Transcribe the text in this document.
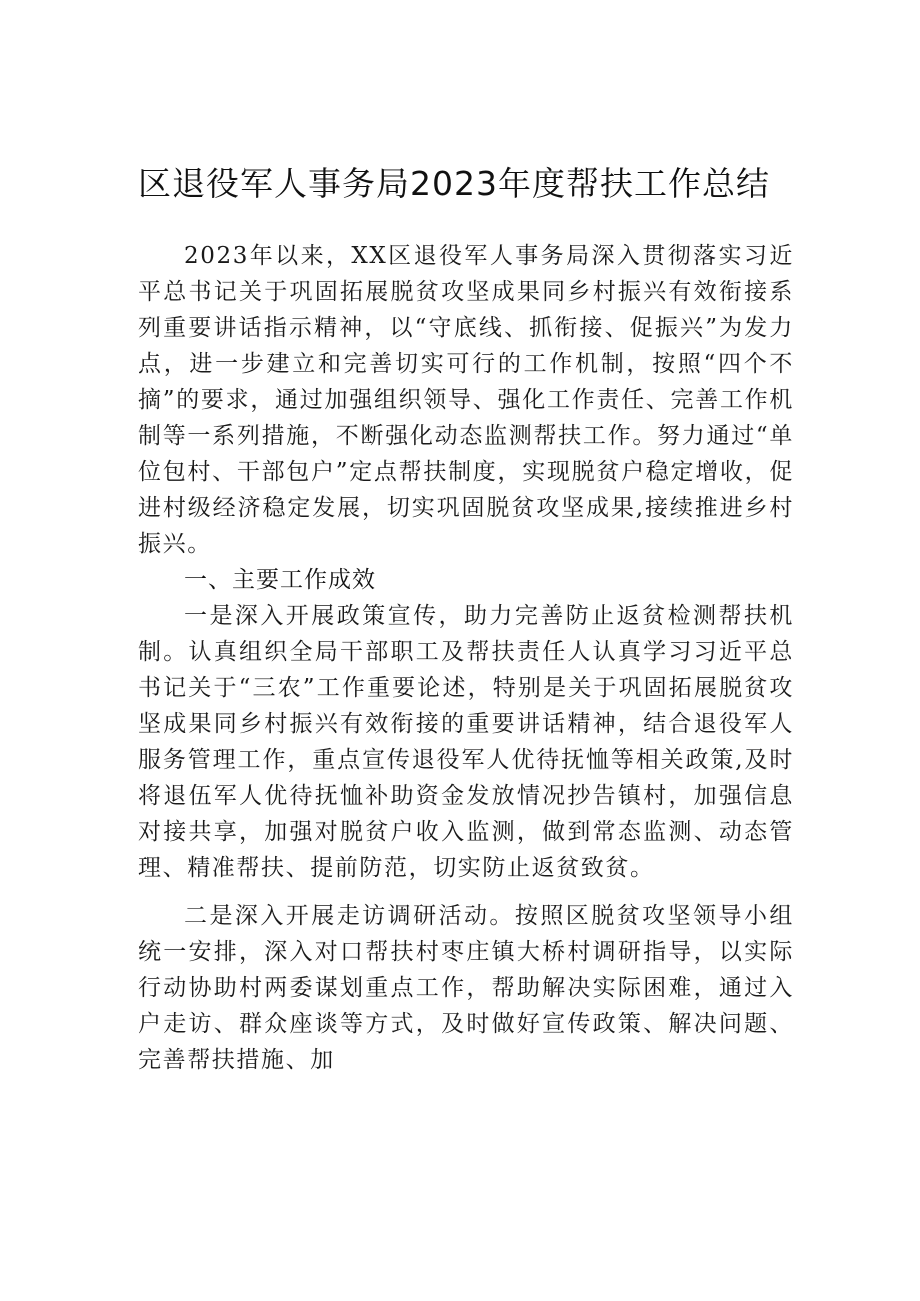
区退役军人事务局2023年度帮扶工作总结

2023年以来，XX区退役军人事务局深入贯彻落实习近平总书记关于巩固拓展脱贫攻坚成果同乡村振兴有效衔接系列重要讲话指示精神，以“守底线、抓衔接、促振兴”为发力点，进一步建立和完善切实可行的工作机制，按照“四个不摘”的要求，通过加强组织领导、强化工作责任、完善工作机制等一系列措施，不断强化动态监测帮扶工作。努力通过“单位包村、干部包户”定点帮扶制度，实现脱贫户稳定增收，促进村级经济稳定发展，切实巩固脱贫攻坚成果,接续推进乡村振兴。

一、主要工作成效

一是深入开展政策宣传，助力完善防止返贫检测帮扶机制。认真组织全局干部职工及帮扶责任人认真学习习近平总书记关于“三农”工作重要论述，特别是关于巩固拓展脱贫攻坚成果同乡村振兴有效衔接的重要讲话精神，结合退役军人服务管理工作，重点宣传退役军人优待抚恤等相关政策,及时将退伍军人优待抚恤补助资金发放情况抄告镇村，加强信息对接共享，加强对脱贫户收入监测，做到常态监测、动态管理、精准帮扶、提前防范，切实防止返贫致贫。

二是深入开展走访调研活动。按照区脱贫攻坚领导小组统一安排，深入对口帮扶村枣庄镇大桥村调研指导，以实际行动协助村两委谋划重点工作，帮助解决实际困难，通过入户走访、群众座谈等方式，及时做好宣传政策、解决问题、完善帮扶措施、加
